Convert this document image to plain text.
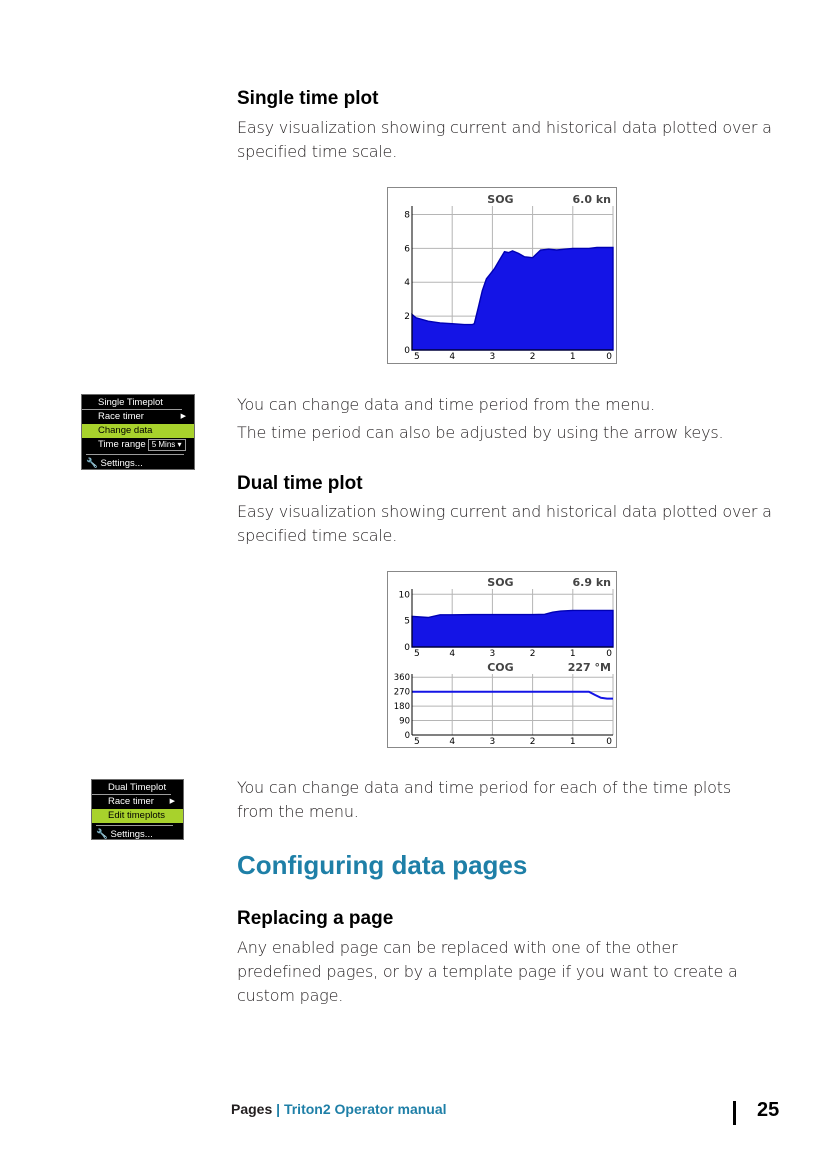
Single time plot

Easy visualization showing current and historical data plotted over a

specified time scale.

5	4	3	2	1	0
0
2
4
6
8
SOG	6.0 kn
Single Timeplot
Race timer	▶
Change data
Time range 5 Mins ▾
🔧 Settings...

You can change data and time period from the menu.

The time period can also be adjusted by using the arrow keys.

Dual time plot

Easy visualization showing current and historical data plotted over a

specified time scale.

5	4	3	2	1	0
0
5
10
SOG	6.9 kn
5	4	3	2	1	0
0
90
180
270
360
COG	227 °M
Dual Timeplot
Race timer ▶
Edit timeplots
🔧 Settings...

You can change data and time period for each of the time plots

from the menu.

Configuring data pages
Replacing a page

Any enabled page can be replaced with one of the other

predefined pages, or by a template page if you want to create a

custom page.

Pages | Triton2 Operator manual	25
